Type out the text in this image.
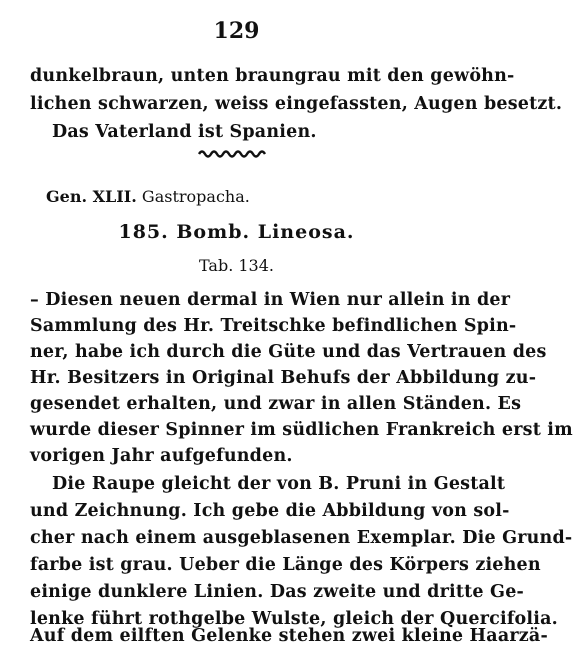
129
dunkelbraun, unten braungrau mit den gewöhn-
lichen schwarzen, weiss eingefassten, Augen besetzt.
Das Vaterland ist Spanien.
Gen. XLII. Gastropacha.
185. Bomb. Lineosa.
Tab. 134.
– Diesen neuen dermal in Wien nur allein in der
Sammlung des Hr. Treitschke befindlichen Spin-
ner, habe ich durch die Güte und das Vertrauen des
Hr. Besitzers in Original Behufs der Abbildung zu-
gesendet erhalten, und zwar in allen Ständen. Es
wurde dieser Spinner im südlichen Frankreich erst im
vorigen Jahr aufgefunden.
Die Raupe gleicht der von B. Pruni in Gestalt
und Zeichnung. Ich gebe die Abbildung von sol-
cher nach einem ausgeblasenen Exemplar. Die Grund-
farbe ist grau. Ueber die Länge des Körpers ziehen
einige dunklere Linien. Das zweite und dritte Ge-
lenke führt rothgelbe Wulste, gleich der Quercifolia.
Auf dem eilften Gelenke stehen zwei kleine Haarzä-
